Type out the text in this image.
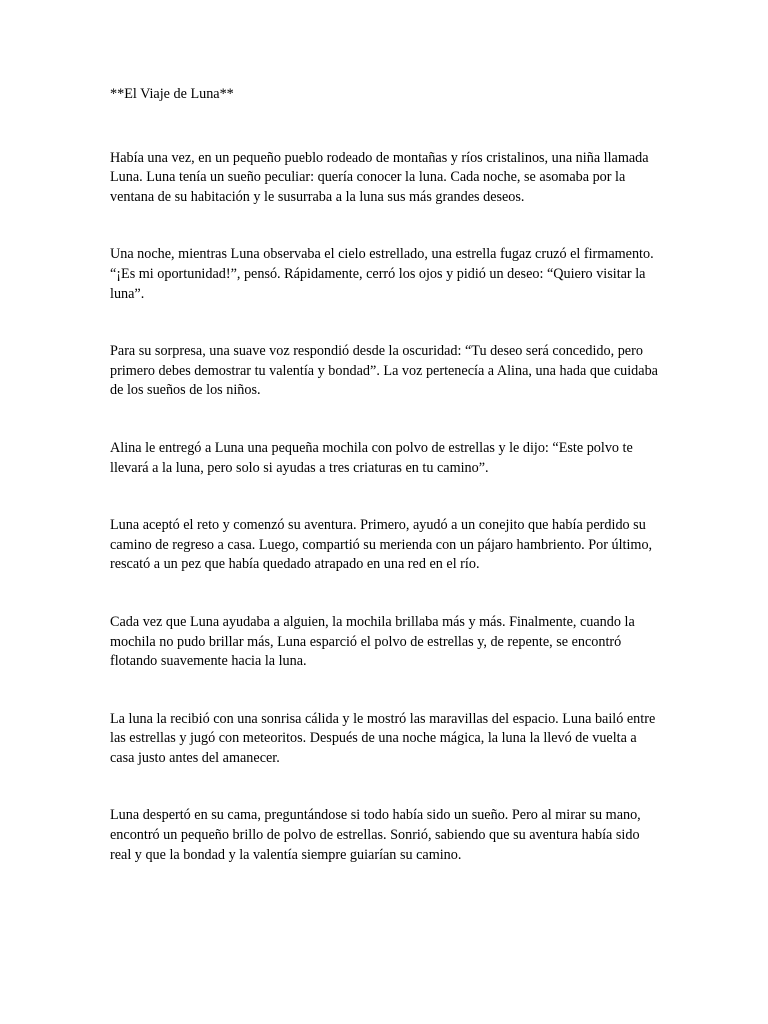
**El Viaje de Luna**

Había una vez, en un pequeño pueblo rodeado de montañas y ríos cristalinos, una niña llamada Luna. Luna tenía un sueño peculiar: quería conocer la luna. Cada noche, se asomaba por la ventana de su habitación y le susurraba a la luna sus más grandes deseos.

Una noche, mientras Luna observaba el cielo estrellado, una estrella fugaz cruzó el firmamento. “¡Es mi oportunidad!”, pensó. Rápidamente, cerró los ojos y pidió un deseo: “Quiero visitar la luna”.

Para su sorpresa, una suave voz respondió desde la oscuridad: “Tu deseo será concedido, pero primero debes demostrar tu valentía y bondad”. La voz pertenecía a Alina, una hada que cuidaba de los sueños de los niños.

Alina le entregó a Luna una pequeña mochila con polvo de estrellas y le dijo: “Este polvo te llevará a la luna, pero solo si ayudas a tres criaturas en tu camino”.

Luna aceptó el reto y comenzó su aventura. Primero, ayudó a un conejito que había perdido su camino de regreso a casa. Luego, compartió su merienda con un pájaro hambriento. Por último, rescató a un pez que había quedado atrapado en una red en el río.

Cada vez que Luna ayudaba a alguien, la mochila brillaba más y más. Finalmente, cuando la mochila no pudo brillar más, Luna esparció el polvo de estrellas y, de repente, se encontró flotando suavemente hacia la luna.

La luna la recibió con una sonrisa cálida y le mostró las maravillas del espacio. Luna bailó entre las estrellas y jugó con meteoritos. Después de una noche mágica, la luna la llevó de vuelta a casa justo antes del amanecer.

Luna despertó en su cama, preguntándose si todo había sido un sueño. Pero al mirar su mano, encontró un pequeño brillo de polvo de estrellas. Sonrió, sabiendo que su aventura había sido real y que la bondad y la valentía siempre guiarían su camino.
